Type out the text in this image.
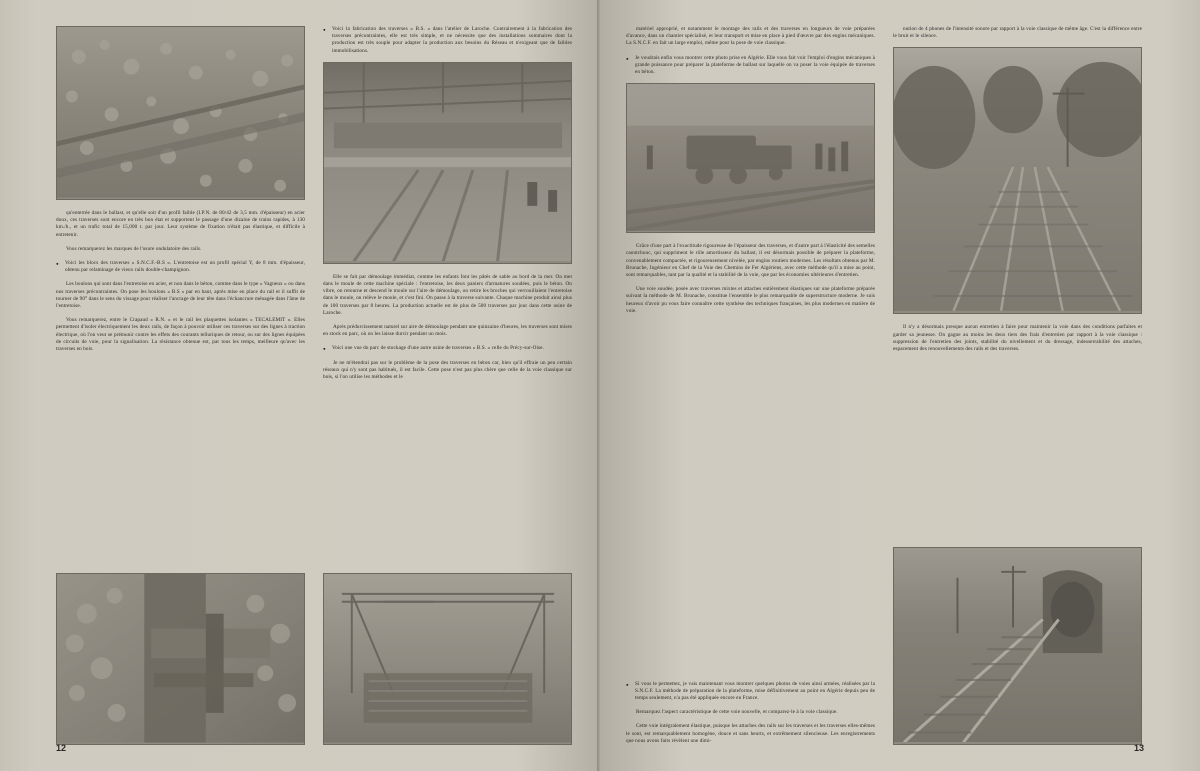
qu'enterrée dans le ballast, et qu'elle soit d'un profil faible (I.P.N. de 80/42 de 3,5 mm. d'épaisseur) en acier doux, ces traverses sont encore en très bon état et supportent le passage d'une dizaine de trains rapides, à 130 km./h., et un trafic total de 15,000 t. par jour. Leur système de fixation n'était pas élastique, et difficile à entretenir.

Vous remarquerez les marques de l'usure ondulatoire des rails.

● Voici les blocs des traverses « S.N.C.F.-B.S ». L'entretoise est un profil spécial Y, de 8 mm. d'épaisseur, obtenu par relaminage de vieux rails double-champignon.

Les boulons qui sont dans l'entretoise en acier, et non dans le béton, comme dans le type « Vagneux » ou dans nos traverses précontraintes. On pose les boulons « B.S » par en haut, après mise en place du rail et il suffit de tourner de 90° dans le sens du vissage pour réaliser l'ancrage de leur tête dans l'échancrure ménagée dans l'âme de l'entretoise.

Vous remarquerez, entre le Crapaud « R.N. » et le rail les plaquettes isolantes « TECALEMIT ». Elles permettent d'isoler électriquement les deux rails, de façon à pouvoir utiliser ces traverses sur des lignes à traction électrique, où l'on veut se prémunir contre les effets des courants telluriques de retour, ou sur des lignes équipées de circuits de voie, pour la signalisation. La résistance obtenue est, par tous les temps, meilleure qu'avec les traverses en bois.

● Voici la fabrication des traverses « B.S. » dans l'atelier de Laroche. Contrairement à la fabrication des traverses précontraintes, elle est très simple, et ne nécessite que des installations sommaires dont la production est très souple pour adapter la production aux besoins du Réseau et n'exigeant que de faibles immobilisations.

Elle se fait par démoulage immédiat, comme les enfants font les pâtés de sable au bord de la mer. On met dans le moule de cette machine spéciale : l'entretoise, les deux paniers d'armatures soudées, puis le béton. On vibre, on retourne et descend le moule sur l'aire de démoulage, on retire les broches qui verrouillaient l'entretoise dans le moule, on relève le moule, et c'est fini. On passe à la traverse suivante. Chaque machine produit ainsi plus de 100 traverses par 8 heures. La production actuelle est de plus de 500 traverses par jour dans cette usine de Laroche.

Après prédurcissement naturel sur aire de démoulage pendant une quinzaine d'heures, les traverses sont mises en stock en parc, où on les laisse durcir pendant un mois.

● Voici une vue du parc de stockage d'une autre usine de traverses « B.S. » celle du Précy-sur-Oise.

Je ne m'étendrai pas sur le problème de la pose des traverses en béton car, bien qu'il effraie un peu certain réseaux qui n'y sont pas habitués, il est facile. Cette pose n'est pas plus chère que celle de la voie classique sur bois, si l'on utilise les méthodes et le

12

matériel approprié, et notamment le montage des rails et des traverses en longueurs de voie préparées d'avance, dans un chantier spécialisé, et leur transport et mise en place à pied d'œuvre par des engins mécaniques. La S.N.C.F. en fait un large emploi, même pour la pose de voie classique.

● Je voudrais enfin vous montrer cette photo prise en Algérie. Elle vous fait voir l'emploi d'engins mécaniques à grande puissance pour préparer la plateforme de ballast sur laquelle on va poser la voie équipée de traverses en béton.

Grâce d'une part à l'exactitude rigoureuse de l'épaisseur des traverses, et d'autre part à l'élasticité des semelles caoutchouc, qui suppriment le rôle amortisseur du ballast, il est désormais possible de préparer la plateforme, convenablement compactée, et rigoureusement nivelée, par engins routiers modernes. Les résultats obtenus par M. Brunache, Ingénieur en Chef de la Voie des Chemins de Fer Algériens, avec cette méthode qu'il a mise au point, sont remarquables, tant par la qualité et la stabilité de la voie, que par les économies ultérieures d'entretien.

Une voie soudée, posée avec traverses mixtes et attaches entièrement élastiques sur une plateforme préparée suivant la méthode de M. Brunache, constitue l'ensemble le plus remarquable de superstructure moderne. Je suis heureux d'avoir pu vous faire connaître cette synthèse des techniques françaises, les plus modernes en matière de voie.

● Si vous le permettez, je vais maintenant vous montrer quelques photos de voies ainsi armées, réalisées par la S.N.C.F. La méthode de préparation de la plateforme, mise définitivement au point en Algérie depuis peu de temps seulement, n'a pas été appliquée encore en France.

Remarquez l'aspect caractéristique de cette voie nouvelle, et comparez-le à la voie classique.

Cette voie intégralement élastique, puisque les attaches des rails sur les traverses et les traverses elles-mêmes le sont, est remarquablement homogène, douce et sans heurts, et extrêmement silencieuse. Les enregistrements que nous avons faits révèlent une dimi-

nution de 4 phones de l'intensité sonore par rapport à la voie classique de même âge. C'est la différence entre le bruit et le silence.

Il n'y a désormais presque aucun entretien à faire pour maintenir la voie dans des conditions parfaites et garder sa jeunesse. On gagne au moins les deux tiers des frais d'entretien par rapport à la voie classique : suppression de l'entretien des joints, stabilité du nivellement et du dressage, indesserrabilité des attaches, espacement des renouvellements des rails et des traverses.

13
